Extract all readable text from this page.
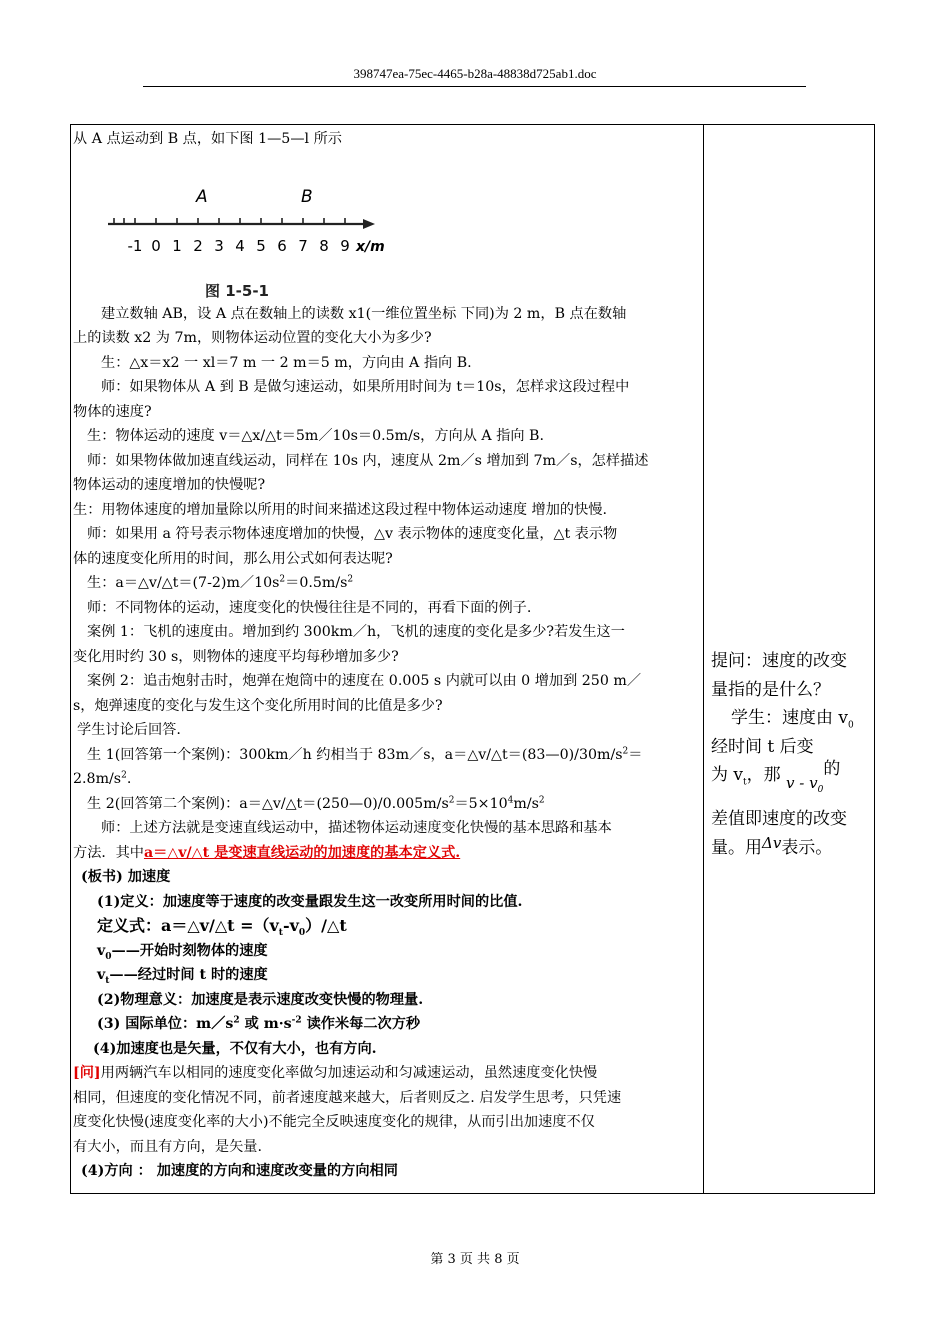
398747ea-75ec-4465-b28a-48838d725ab1.doc
从 A 点运动到 B 点，如下图 1—5—l 所示
A	B
-1 0 1 2 3 4 5 6 7 8 9 x/m
图 1-5-1
建立数轴 AB，设 A 点在数轴上的读数 x1(一维位置坐标 下同)为 2 m，B 点在数轴
上的读数 x2 为 7m，则物体运动位置的变化大小为多少?
生：△x＝x2 一 xl＝7 m 一 2 m＝5 m，方向由 A 指向 B.
师：如果物体从 A 到 B 是做匀速运动，如果所用时间为 t＝10s，怎样求这段过程中
物体的速度?
生：物体运动的速度 v＝△x/△t＝5m／10s＝0.5m/s，方向从 A 指向 B.
师：如果物体做加速直线运动，同样在 10s 内，速度从 2m／s 增加到 7m／s，怎样描述
物体运动的速度增加的快慢呢?
生：用物体速度的增加量除以所用的时间来描述这段过程中物体运动速度 增加的快慢.
师：如果用 a 符号表示物体速度增加的快慢，△v 表示物体的速度变化量，△t 表示物
体的速度变化所用的时间，那么用公式如何表达呢?
生：$a=\triangle v/\triangle t=(7-2)m/10s^2=0.5m/s^2$
师：不同物体的运动，速度变化的快慢往往是不同的，再看下面的例子.
案例 1：飞机的速度由。增加到约 300km／h，飞机的速度的变化是多少?若发生这一
变化用时约 30 s，则物体的速度平均每秒增加多少?
案例 2：追击炮射击时，炮弹在炮筒中的速度在 0.005 s 内就可以由 0 增加到 250 m／
s，炮弹速度的变化与发生这个变化所用时间的比值是多少?
学生讨论后回答.
生 1(回答第一个案例)：300km／h 约相当于 83m／s，$a=\triangle v/\triangle t=(83—0)/30m/s^2=$
$2.8m/s^2$.
生 2(回答第二个案例)：$a=\triangle v/\triangle t=(250—0)/0.005m/s^2=5\times 10^4m/s^2$
师：上述方法就是变速直线运动中，描述物体运动速度变化快慢的基本思路和基本
方法．其中a＝△v/△t 是变速直线运动的加速度的基本定义式.
(板书) 加速度
(1)定义：加速度等于速度的改变量跟发生这一改变所用时间的比值.
定义式：a＝△v/△t $=(v_t-v_0)/\triangle t$
$v_0——$开始时刻物体的速度
$v_t——$经过时间 t 时的速度
(2)物理意义：加速度是表示速度改变快慢的物理量.
(3) 国际单位：$m/s^2$ 或 $m\cdot s^{-2}$ 读作米每二次方秒
(4)加速度也是矢量，不仅有大小，也有方向.
[问]用两辆汽车以相同的速度变化率做匀加速运动和匀减速运动，虽然速度变化快慢
相同，但速度的变化情况不同，前者速度越来越大，后者则反之. 启发学生思考，只凭速
度变化快慢(速度变化率的大小)不能完全反映速度变化的规律，从而引出加速度不仅
有大小，而且有方向，是矢量.
(4)方向 ： 加速度的方向和速度改变量的方向相同
提问：速度的改变
量指的是什么？
学生：速度由 $v_0$
经时间 t 后变
为 $v_t$，那 v - $v_0$的
差值即速度的改变
量。用Δv表示。
第 3 页 共 8 页
